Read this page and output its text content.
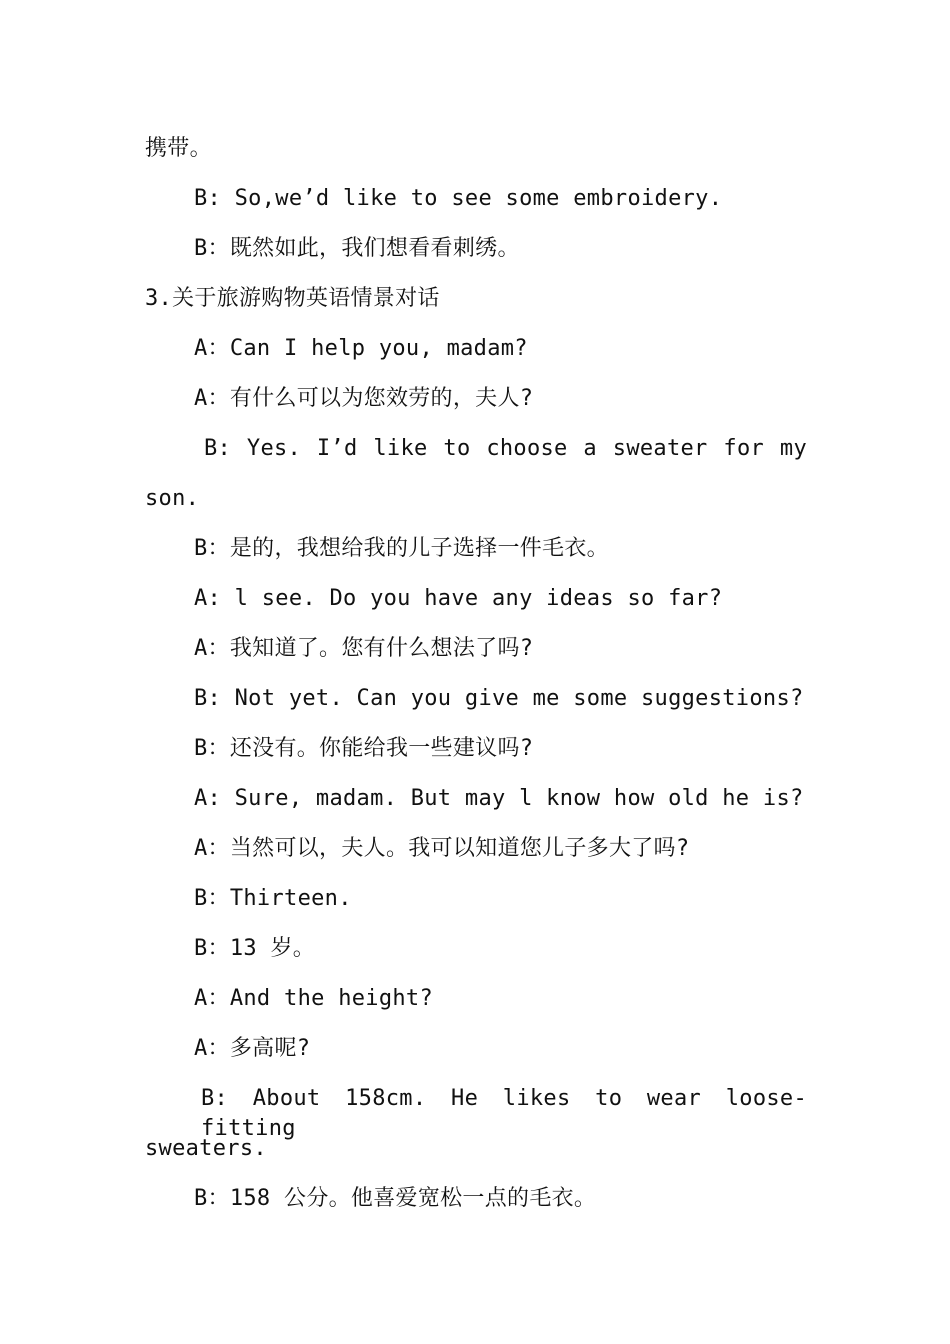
携带。
B: So,we’d like to see some embroidery.
B：既然如此，我们想看看刺绣。
3.关于旅游购物英语情景对话
A：Can I help you, madam?
A：有什么可以为您效劳的，夫人?
B: Yes. I’d like to choose a sweater for my
son.
B：是的，我想给我的儿子选择一件毛衣。
A: l see. Do you have any ideas so far?
A：我知道了。您有什么想法了吗?
B: Not yet. Can you give me some suggestions?
B：还没有。你能给我一些建议吗?
A: Sure, madam. But may l know how old he is?
A：当然可以，夫人。我可以知道您儿子多大了吗?
B：Thirteen.
B：13 岁。
A：And the height?
A：多高呢?
B: About 158cm. He likes to wear loose-fitting
sweaters.
B：158 公分。他喜爱宽松一点的毛衣。
